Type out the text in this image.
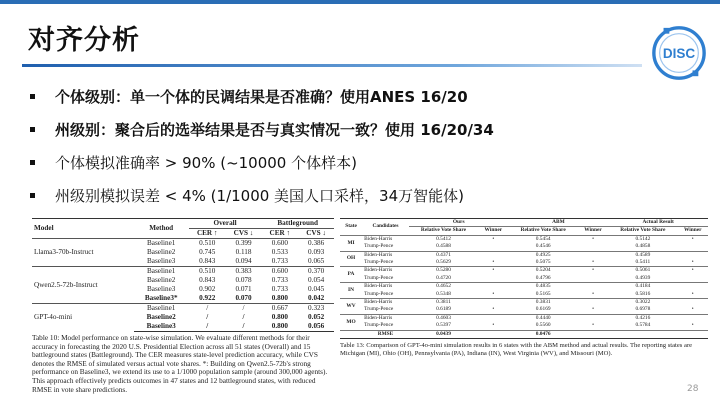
对齐分析	DISC
个体级别：单一个体的民调结果是否准确？使用ANES 16/20
州级别：聚合后的选举结果是否与真实情况一致？使用 16/20/34
个体模拟准确率 > 90% (~10000 个体样本)
州级别模拟误差 < 4% (1/1000 美国人口采样，34万智能体)
Model	Method	Overall		Battleground	
		CER ↑	CVS ↓	CER ↑	CVS ↓
Llama3-70b-Instruct	Baseline1	0.510	0.399	0.600	0.386
	Baseline2	0.745	0.118	0.533	0.093
	Baseline3	0.843	0.094	0.733	0.065
Qwen2.5-72b-Instruct	Baseline1	0.510	0.383	0.600	0.370
	Baseline2	0.843	0.078	0.733	0.054
	Baseline3	0.902	0.071	0.733	0.045
	Baseline3*	0.922	0.070	0.800	0.042
GPT-4o-mini	Baseline1	/	/	0.667	0.323
	Baseline2	/	/	0.800	0.052
	Baseline3	/	/	0.800	0.056
Table 10: Model performance on state-wise simulation. We evaluate different methods for their accuracy in forecasting the 2020 U.S. Presidential Election across all 51 states (Overall) and 15 battleground states (Battleground). The CER measures state-level prediction accuracy, while CVS denotes the RMSE of simulated versus actual vote shares. *: Building on Qwen2.5-72b's strong performance on Baseline3, we extend its use to a 1/1000 population sample (around 300,000 agents). This approach effectively predicts outcomes in 47 states and 12 battleground states, with reduced RMSE in vote share predictions.
State	Candidates	Ours		ABM		Actual Result	
		Relative Vote Share	Winner	Relative Vote Share	Winner	Relative Vote Share	Winner
MI	Biden-Harris	0.5412	•	0.5454	•	0.5142	•
	Trump-Pence	0.4588		0.4546		0.4858	
OH	Biden-Harris	0.4371		0.4925		0.4589	
	Trump-Pence	0.5629	•	0.5075	•	0.5411	•
PA	Biden-Harris	0.5280	•	0.5204	•	0.5061	•
	Trump-Pence	0.4720		0.4796		0.4939	
IN	Biden-Harris	0.4652		0.4835		0.4184	
	Trump-Pence	0.5348	•	0.5165	•	0.5816	•
WV	Biden-Harris	0.3811		0.3831		0.3022	
	Trump-Pence	0.6189	•	0.6169	•	0.6978	•
MO	Biden-Harris	0.4603		0.4440		0.4216	
	Trump-Pence	0.5397	•	0.5560	•	0.5784	•
	RMSE	0.0439		0.0476			
Table 13: Comparison of GPT-4o-mini simulation results in 6 states with the ABM method and actual results. The reporting states are Michigan (MI), Ohio (OH), Pennsylvania (PA), Indiana (IN), West Virginia (WV), and Missouri (MO).
28
